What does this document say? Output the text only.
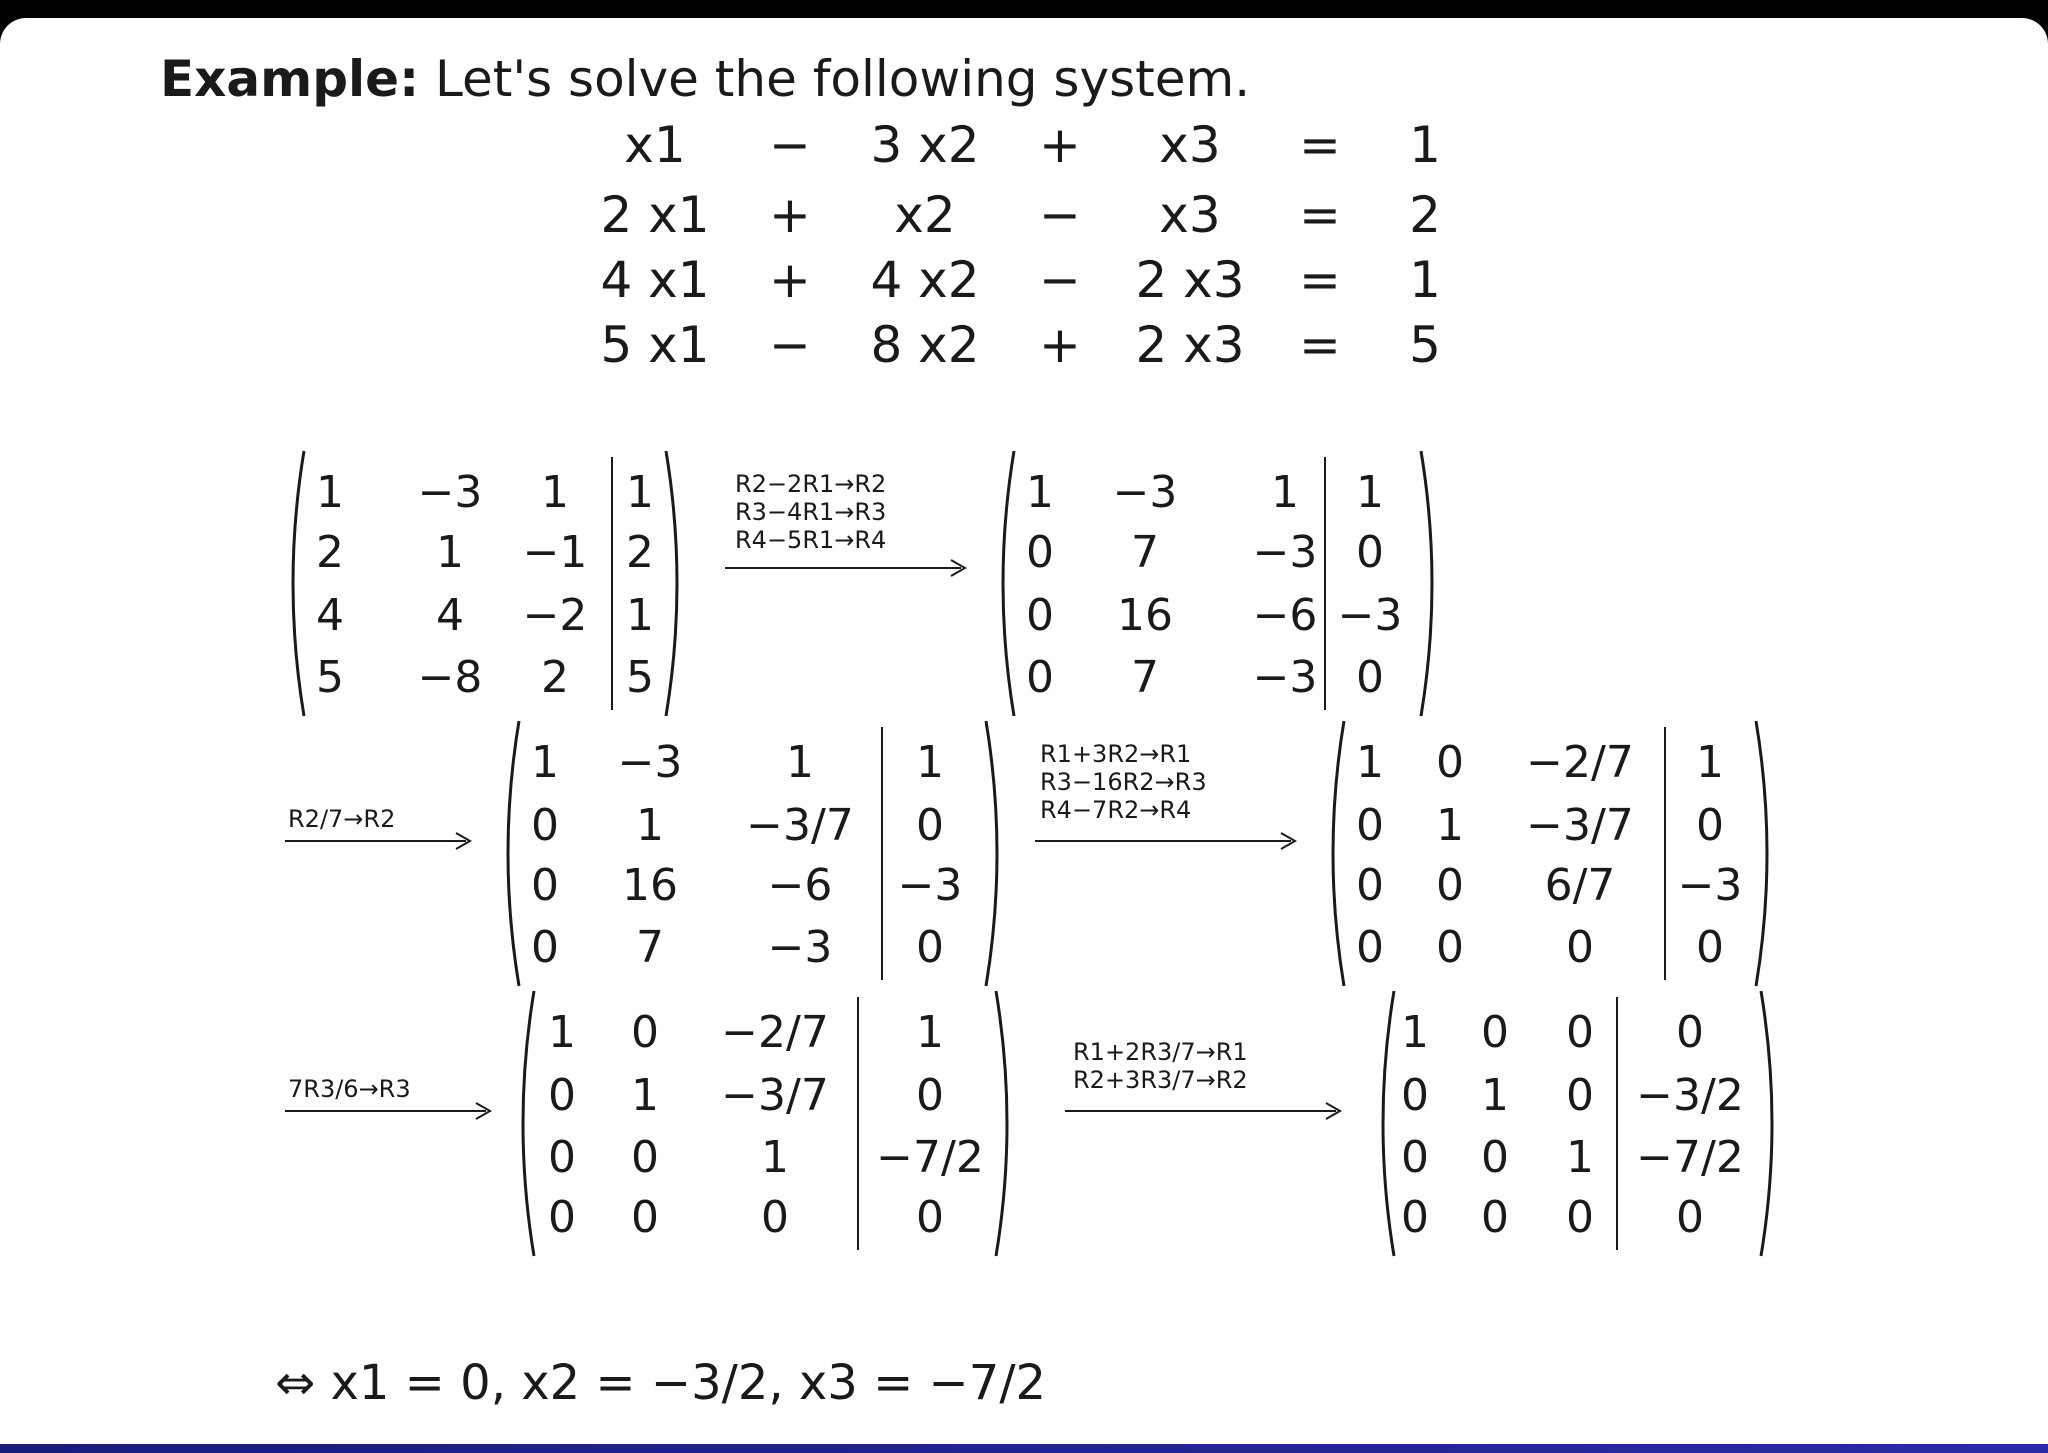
Example: Let's solve the following system.
x1 − 3 x2 + x3 = 1
2 x1 + x2 − x3 = 2
4 x1 + 4 x2 − 2 x3 = 1
5 x1 − 8 x2 + 2 x3 = 5
1 −3 1 1
2 1 −1 2
4 4 −2 1
5 −8 2 5
1 −3 1 1
0 7 −3 0
0 16 −6 −3
0 7 −3 0
1 −3 1 1
0 1 −3/7 0
0 16 −6 −3
0 7 −3 0
1 0 −2/7 1
0 1 −3/7 0
0 0 6/7 −3
0 0 0 0
1 0 −2/7 1
0 1 −3/7 0
0 0 1 −7/2
0 0 0	0
1 0 0 0
0 1 0 −3/2
0 0 1 −7/2
0 0 0 0
R2−2R1→R2
R3−4R1→R3
R4−5R1→R4
R2/7→R2
R1+3R2→R1
R3−16R2→R3
R4−7R2→R4
7R3/6→R3
R1+2R3/7→R1
R2+3R3/7→R2
⇔ x1 = 0, x2 = −3/2, x3 = −7/2
